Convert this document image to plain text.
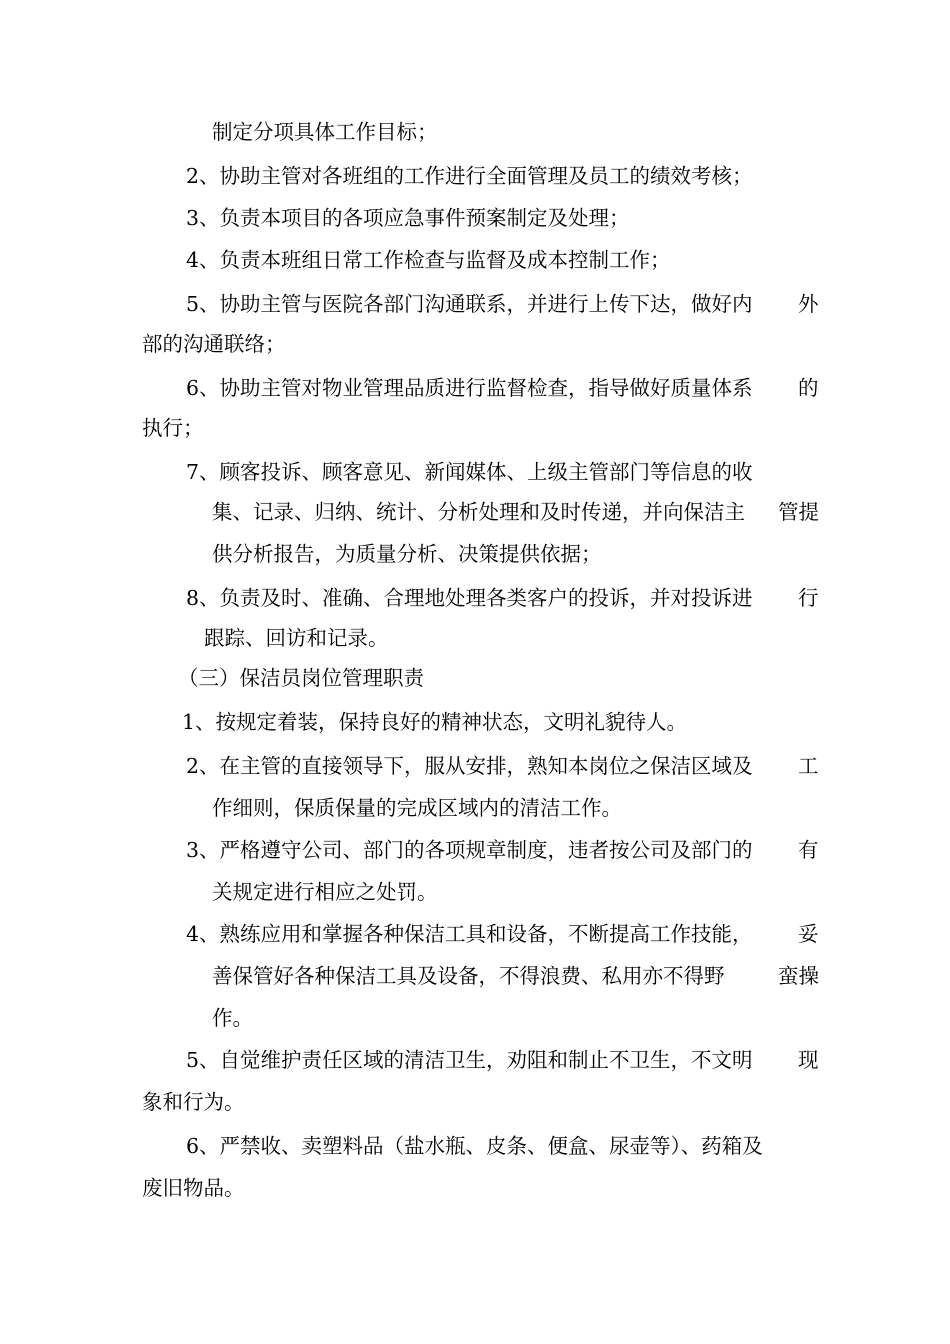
制定分项具体工作目标；
2、协助主管对各班组的工作进行全面管理及员工的绩效考核；
3、负责本项目的各项应急事件预案制定及处理；
4、负责本班组日常工作检查与监督及成本控制工作；
5、协助主管与医院各部门沟通联系，并进行上传下达，做好内 外
部的沟通联络；
6、协助主管对物业管理品质进行监督检查，指导做好质量体系 的
执行；
7、顾客投诉、顾客意见、新闻媒体、上级主管部门等信息的收
集、记录、归纳、统计、分析处理和及时传递，并向保洁主 管提
供分析报告，为质量分析、决策提供依据；
8、负责及时、准确、合理地处理各类客户的投诉，并对投诉进 行
跟踪、回访和记录。
（三）保洁员岗位管理职责
1、按规定着装，保持良好的精神状态，文明礼貌待人。
2、在主管的直接领导下，服从安排，熟知本岗位之保洁区域及 工
作细则，保质保量的完成区域内的清洁工作。
3、严格遵守公司、部门的各项规章制度，违者按公司及部门的 有
关规定进行相应之处罚。
4、熟练应用和掌握各种保洁工具和设备，不断提高工作技能， 妥
善保管好各种保洁工具及设备，不得浪费、私用亦不得野	蛮操
作。
5、自觉维护责任区域的清洁卫生，劝阻和制止不卫生，不文明 现
象和行为。
6、严禁收、卖塑料品（盐水瓶、皮条、便盒、尿壶等）、药箱及
废旧物品。
